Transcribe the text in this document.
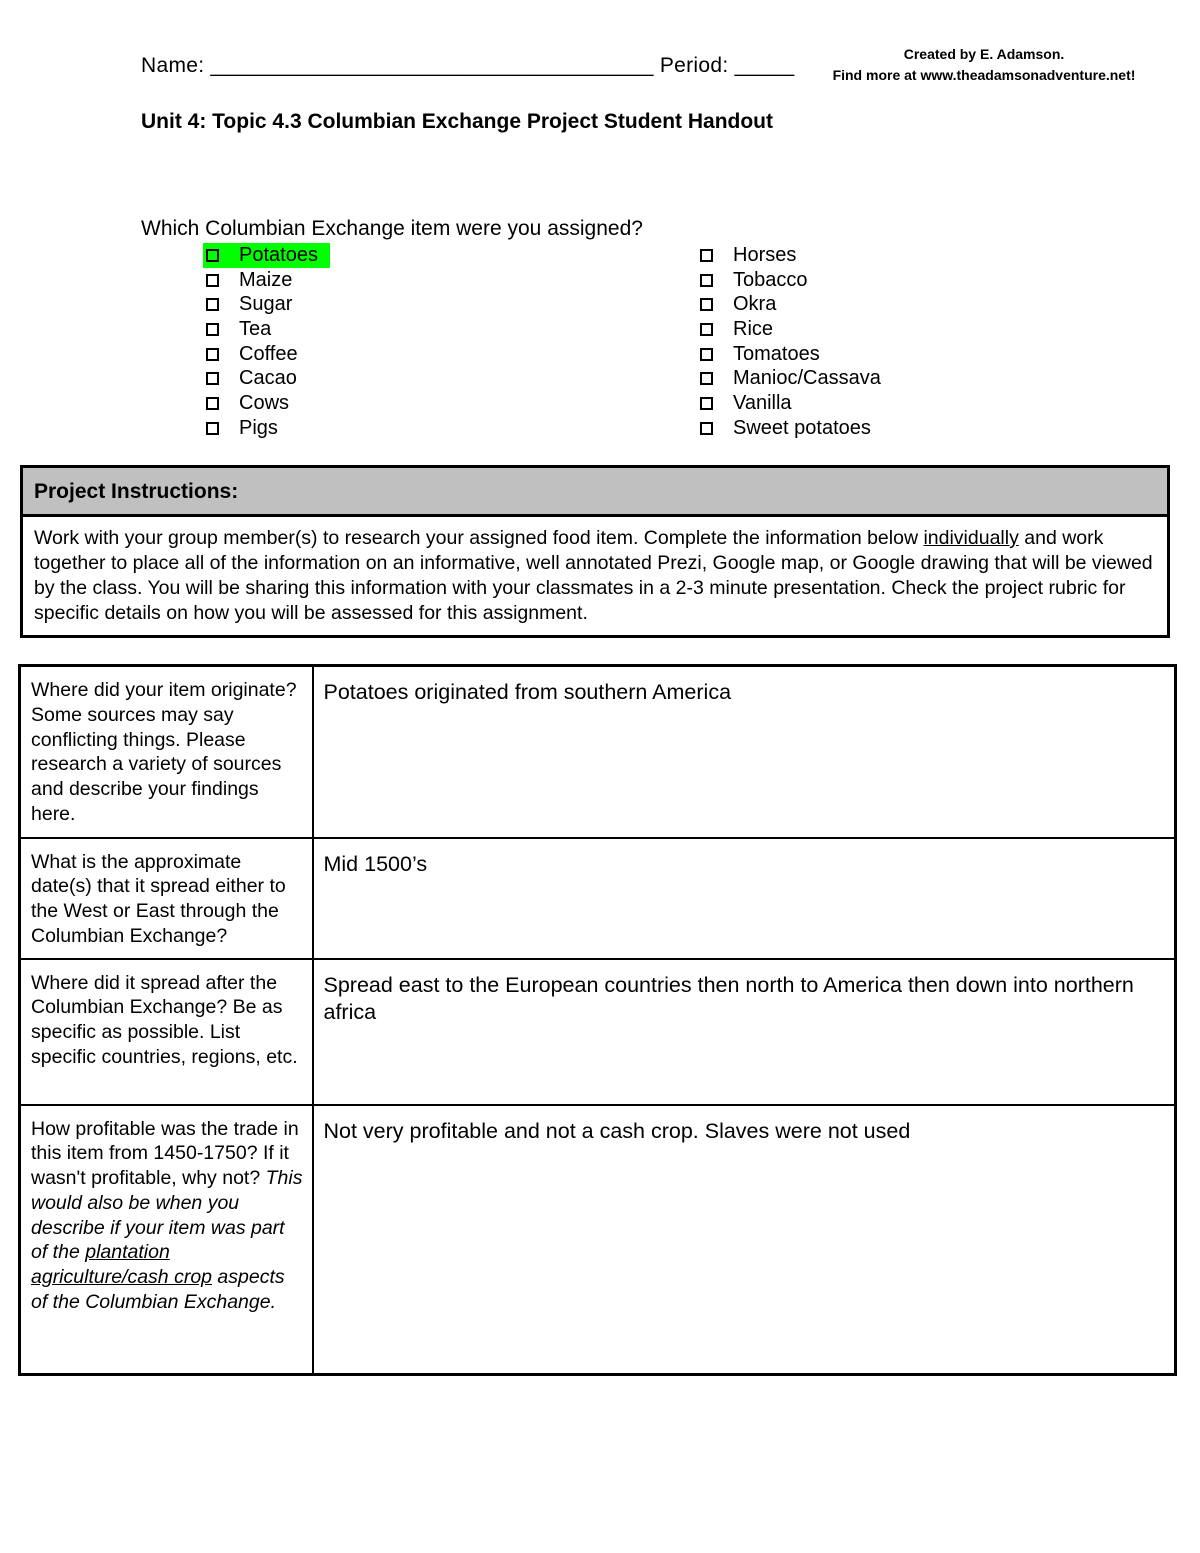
Name: _____________________________________ Period: _____	Created by E. Adamson.
Find more at www.theadamsonadventure.net!
Unit 4: Topic 4.3 Columbian Exchange Project Student Handout
Which Columbian Exchange item were you assigned?
Potatoes
Maize
Sugar
Tea
Coffee
Cacao
Cows
Pigs
Horses
Tobacco
Okra
Rice
Tomatoes
Manioc/Cassava
Vanilla
Sweet potatoes
Project Instructions:
Work with your group member(s) to research your assigned food item. Complete the information below individually and work together to place all of the information on an informative, well annotated Prezi, Google map, or Google drawing that will be viewed by the class. You will be sharing this information with your classmates in a 2-3 minute presentation. Check the project rubric for specific details on how you will be assessed for this assignment.
Where did your item originate? Some sources may say conflicting things. Please research a variety of sources and describe your findings here.	Potatoes originated from southern America
What is the approximate date(s) that it spread either to the West or East through the Columbian Exchange?	Mid 1500’s
Where did it spread after the Columbian Exchange? Be as specific as possible. List specific countries, regions, etc.	Spread east to the European countries then north to America then down into northern africa
How profitable was the trade in this item from 1450-1750? If it wasn't profitable, why not? This would also be when you describe if your item was part of the plantation agriculture/cash crop aspects of the Columbian Exchange.	Not very profitable and not a cash crop. Slaves were not used
